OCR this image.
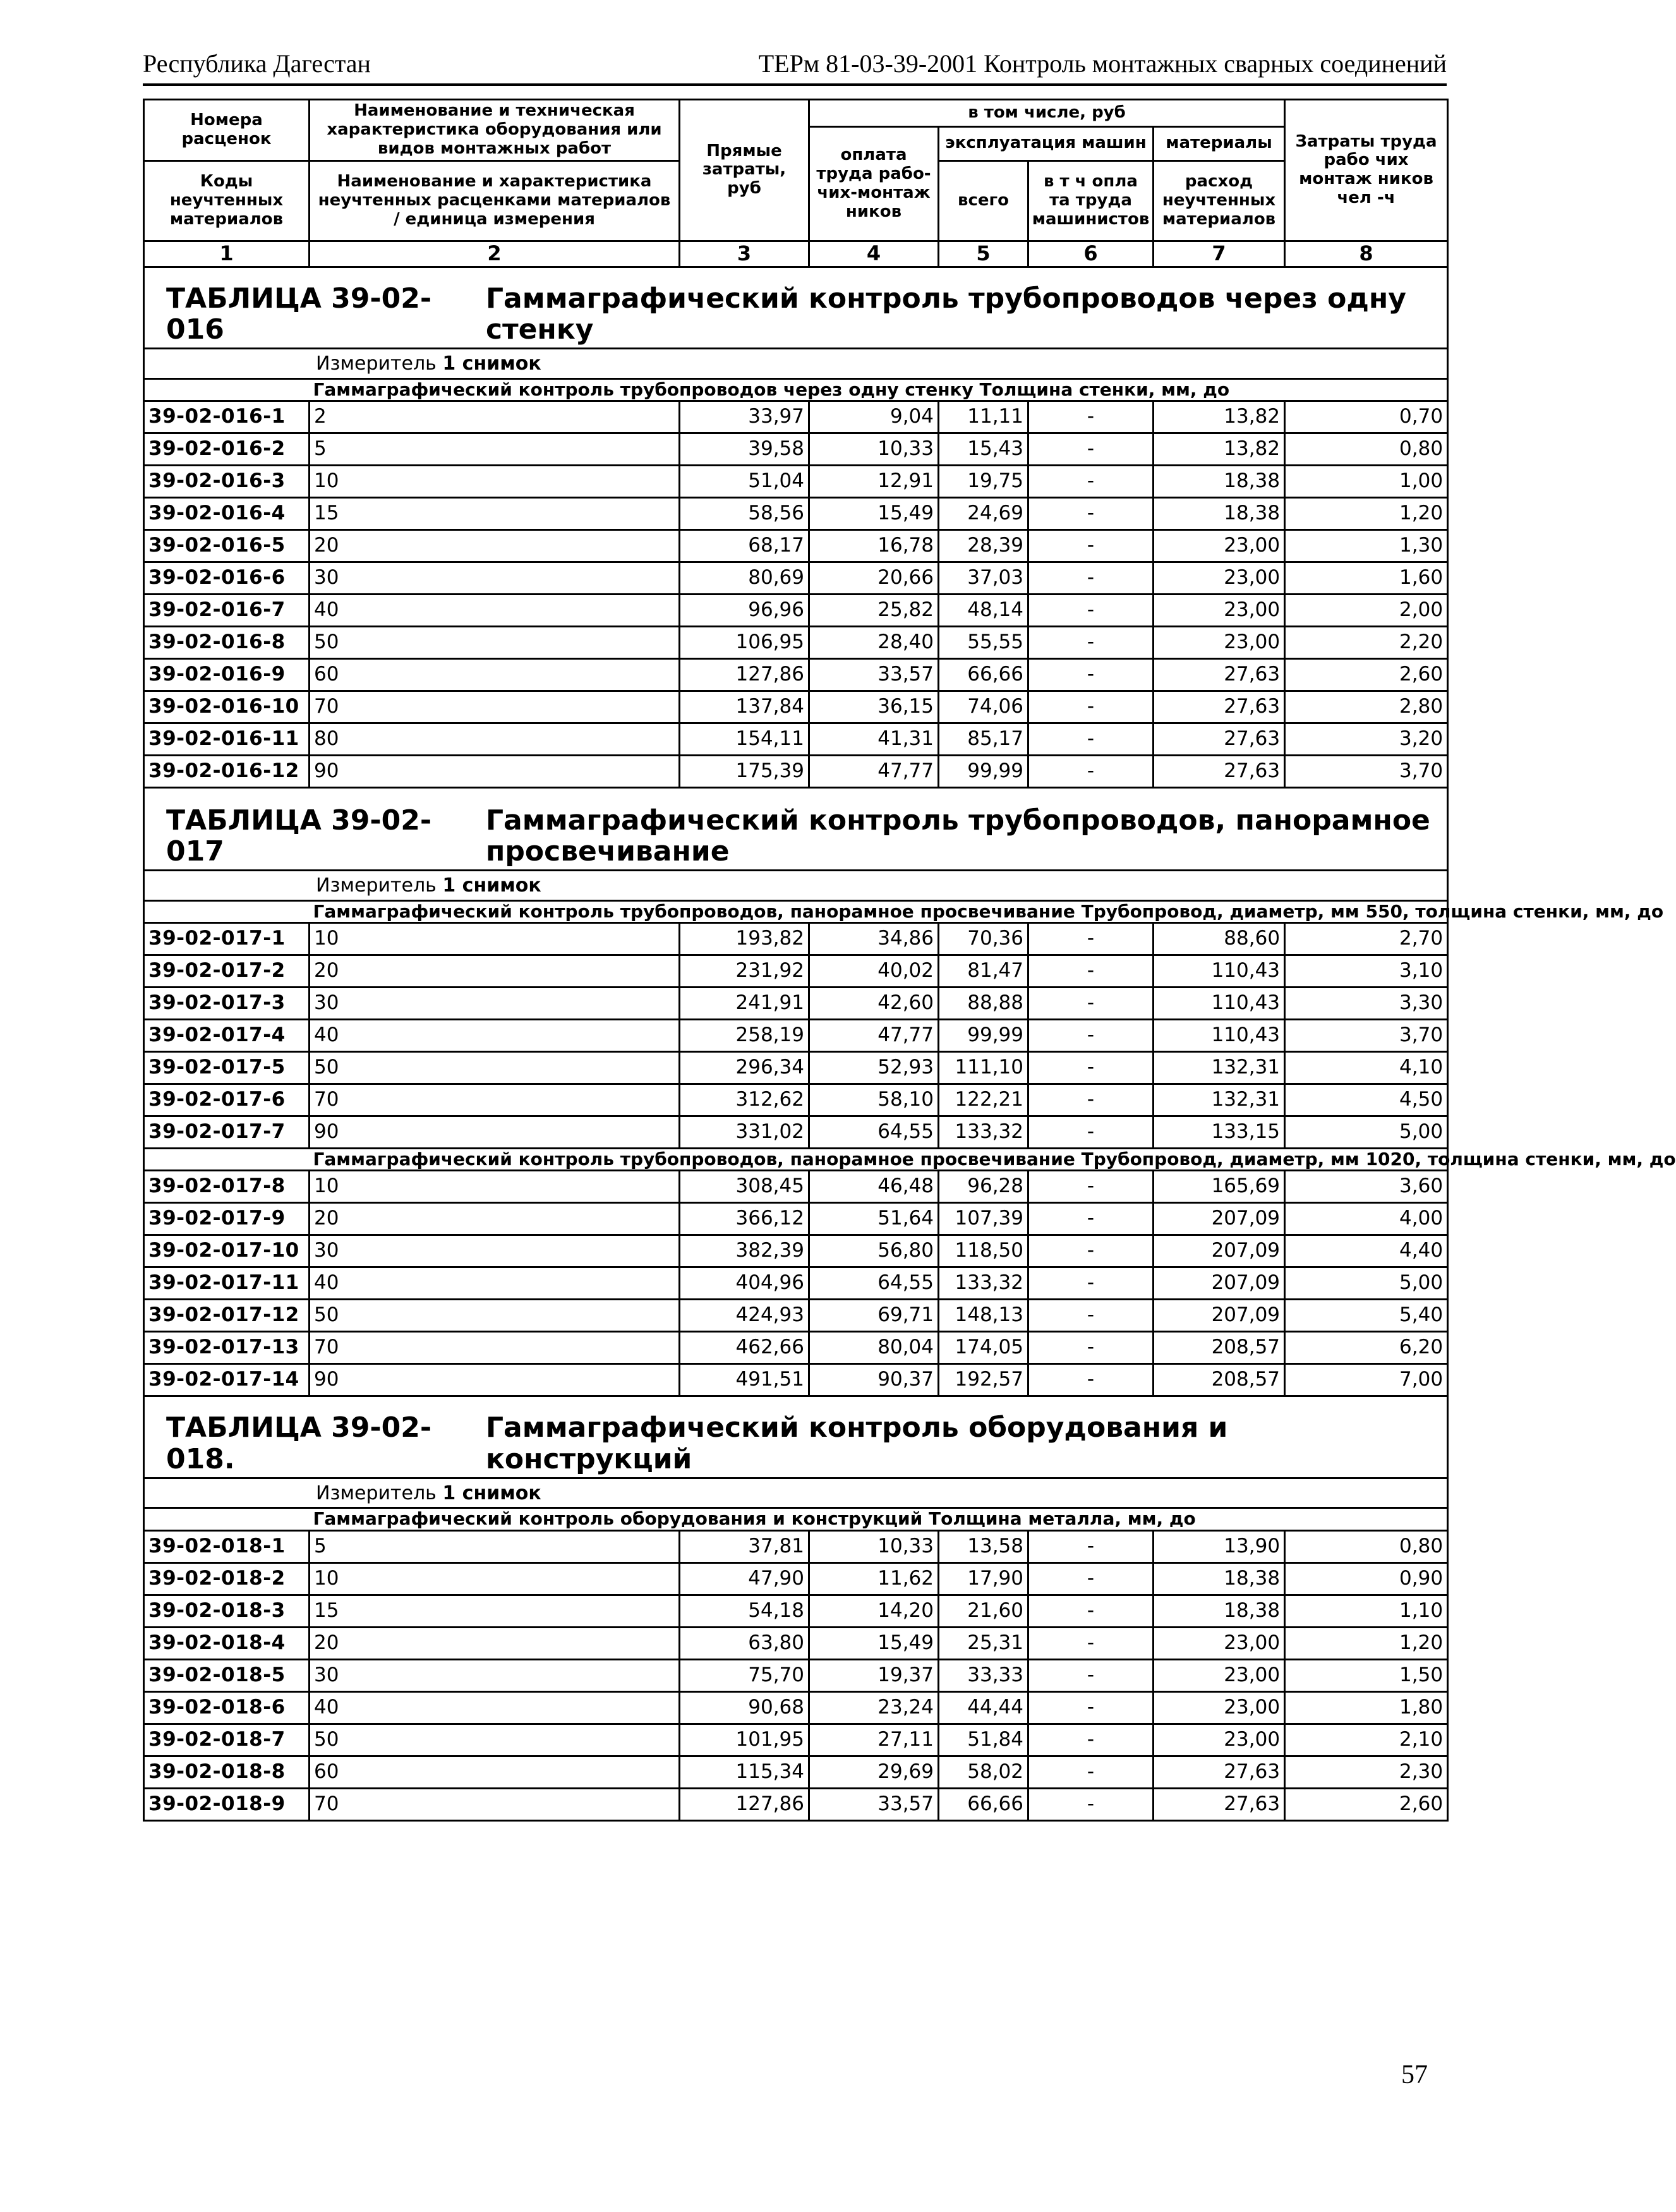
Республика Дагестан	ТЕРм 81-03-39-2001 Контроль монтажных сварных соединений
Номера расценок	Наименование и техническая характеристика оборудования или видов монтажных работ	Прямые затраты, руб	в том числе, руб				Затраты труда рабо чих монтаж ников чел -ч
			оплата труда рабо-чих-монтаж ников	эксплуатация машин		материалы	
Коды неучтенных материалов	Наименование и характеристика неучтенных расценками материалов / единица измерения			всего	в т ч опла та труда машинистов	расход неучтенных материалов	

1	2	3	4	5	6	7	8

ТАБЛИЦА 39-02-016
Гаммаграфический контроль трубопроводов через одну стенку							

Измеритель 1 снимок							

	Гаммаграфический контроль трубопроводов через одну стенку Толщина стенки, мм, до						
39-02-016-1	2	33,97	9,04	11,11	-	13,82	0,70
39-02-016-2	5	39,58	10,33	15,43	-	13,82	0,80
39-02-016-3	10	51,04	12,91	19,75	-	18,38	1,00
39-02-016-4	15	58,56	15,49	24,69	-	18,38	1,20
39-02-016-5	20	68,17	16,78	28,39	-	23,00	1,30
39-02-016-6	30	80,69	20,66	37,03	-	23,00	1,60
39-02-016-7	40	96,96	25,82	48,14	-	23,00	2,00
39-02-016-8	50	106,95	28,40	55,55	-	23,00	2,20
39-02-016-9	60	127,86	33,57	66,66	-	27,63	2,60
39-02-016-10	70	137,84	36,15	74,06	-	27,63	2,80
39-02-016-11	80	154,11	41,31	85,17	-	27,63	3,20
39-02-016-12	90	175,39	47,77	99,99	-	27,63	3,70

ТАБЛИЦА 39-02-017
Гаммаграфический контроль трубопроводов, панорамное просвечивание							

Измеритель 1 снимок							

	Гаммаграфический контроль трубопроводов, панорамное просвечивание Трубопровод, диаметр, мм 550, толщина стенки, мм, до						
39-02-017-1	10	193,82	34,86	70,36	-	88,60	2,70
39-02-017-2	20	231,92	40,02	81,47	-	110,43	3,10
39-02-017-3	30	241,91	42,60	88,88	-	110,43	3,30
39-02-017-4	40	258,19	47,77	99,99	-	110,43	3,70
39-02-017-5	50	296,34	52,93	111,10	-	132,31	4,10
39-02-017-6	70	312,62	58,10	122,21	-	132,31	4,50
39-02-017-7	90	331,02	64,55	133,32	-	133,15	5,00
	Гаммаграфический контроль трубопроводов, панорамное просвечивание Трубопровод, диаметр, мм 1020, толщина стенки, мм, до						
39-02-017-8	10	308,45	46,48	96,28	-	165,69	3,60
39-02-017-9	20	366,12	51,64	107,39	-	207,09	4,00
39-02-017-10	30	382,39	56,80	118,50	-	207,09	4,40
39-02-017-11	40	404,96	64,55	133,32	-	207,09	5,00
39-02-017-12	50	424,93	69,71	148,13	-	207,09	5,40
39-02-017-13	70	462,66	80,04	174,05	-	208,57	6,20
39-02-017-14	90	491,51	90,37	192,57	-	208,57	7,00

ТАБЛИЦА 39-02-018.
Гаммаграфический контроль оборудования и конструкций							

Измеритель 1 снимок							

	Гаммаграфический контроль оборудования и конструкций Толщина металла, мм, до						
39-02-018-1	5	37,81	10,33	13,58	-	13,90	0,80
39-02-018-2	10	47,90	11,62	17,90	-	18,38	0,90
39-02-018-3	15	54,18	14,20	21,60	-	18,38	1,10
39-02-018-4	20	63,80	15,49	25,31	-	23,00	1,20
39-02-018-5	30	75,70	19,37	33,33	-	23,00	1,50
39-02-018-6	40	90,68	23,24	44,44	-	23,00	1,80
39-02-018-7	50	101,95	27,11	51,84	-	23,00	2,10
39-02-018-8	60	115,34	29,69	58,02	-	27,63	2,30
39-02-018-9	70	127,86	33,57	66,66	-	27,63	2,60
57
